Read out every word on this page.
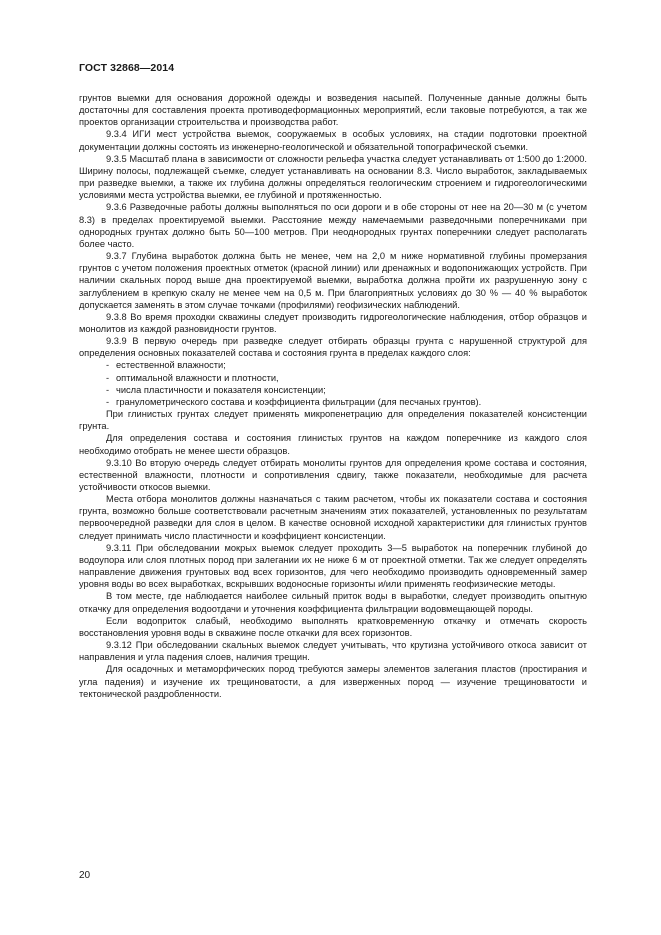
ГОСТ 32868—2014

грунтов выемки для основания дорожной одежды и возведения насыпей. Полученные данные должны быть достаточны для составления проекта противодеформационных мероприятий, если таковые потребуются, а так же проектов организации строительства и производства работ.

9.3.4 ИГИ мест устройства выемок, сооружаемых в особых условиях, на стадии подготовки проектной документации должны состоять из инженерно-геологической и обязательной топографической съемки.

9.3.5 Масштаб плана в зависимости от сложности рельефа участка следует устанавливать от 1:500 до 1:2000. Ширину полосы, подлежащей съемке, следует устанавливать на основании 8.3. Число выработок, закладываемых при разведке выемки, а также их глубина должны определяться геологическим строением и гидрогеологическими условиями места устройства выемки, ее глубиной и протяженностью.

9.3.6 Разведочные работы должны выполняться по оси дороги и в обе стороны от нее на 20—30 м (с учетом 8.3) в пределах проектируемой выемки. Расстояние между намечаемыми разведочными поперечниками при однородных грунтах должно быть 50—100 метров. При неоднородных грунтах поперечники следует располагать более часто.

9.3.7 Глубина выработок должна быть не менее, чем на 2,0 м ниже нормативной глубины промерзания грунтов с учетом положения проектных отметок (красной линии) или дренажных и водопонижающих устройств. При наличии скальных пород выше дна проектируемой выемки, выработка должна пройти их разрушенную зону с заглублением в крепкую скалу не менее чем на 0,5 м. При благоприятных условиях до 30 % — 40 % выработок допускается заменять в этом случае точками (профилями) геофизических наблюдений.

9.3.8 Во время проходки скважины следует производить гидрогеологические наблюдения, отбор образцов и монолитов из каждой разновидности грунтов.

9.3.9 В первую очередь при разведке следует отбирать образцы грунта с нарушенной структурой для определения основных показателей состава и состояния грунта в пределах каждого слоя:

- естественной влажности;

- оптимальной влажности и плотности,

- числа пластичности и показателя консистенции;

- гранулометрического состава и коэффициента фильтрации (для песчаных грунтов).

При глинистых грунтах следует применять микропенетрацию для определения показателей консистенции грунта.

Для определения состава и состояния глинистых грунтов на каждом поперечнике из каждого слоя необходимо отобрать не менее шести образцов.

9.3.10 Во вторую очередь следует отбирать монолиты грунтов для определения кроме состава и состояния, естественной влажности, плотности и сопротивления сдвигу, также показатели, необходимые для расчета устойчивости откосов выемки.

Места отбора монолитов должны назначаться с таким расчетом, чтобы их показатели состава и состояния грунта, возможно больше соответствовали расчетным значениям этих показателей, установленных по результатам первоочередной разведки для слоя в целом. В качестве основной исходной характеристики для глинистых грунтов следует принимать число пластичности и коэффициент консистенции.

9.3.11 При обследовании мокрых выемок следует проходить 3—5 выработок на поперечник глубиной до водоупора или слоя плотных пород при залегании их не ниже 6 м от проектной отметки. Так же следует определять направление движения грунтовых вод всех горизонтов, для чего необходимо производить одновременный замер уровня воды во всех выработках, вскрывших водоносные горизонты и/или применять геофизические методы.

В том месте, где наблюдается наиболее сильный приток воды в выработки, следует производить опытную откачку для определения водоотдачи и уточнения коэффициента фильтрации водовмещающей породы.

Если водоприток слабый, необходимо выполнять кратковременную откачку и отмечать скорость восстановления уровня воды в скважине после откачки для всех горизонтов.

9.3.12 При обследовании скальных выемок следует учитывать, что крутизна устойчивого откоса зависит от направления и угла падения слоев, наличия трещин.

Для осадочных и метаморфических пород требуются замеры элементов залегания пластов (простирания и угла падения) и изучение их трещиноватости, а для изверженных пород — изучение трещиноватости и тектонической раздробленности.

20
